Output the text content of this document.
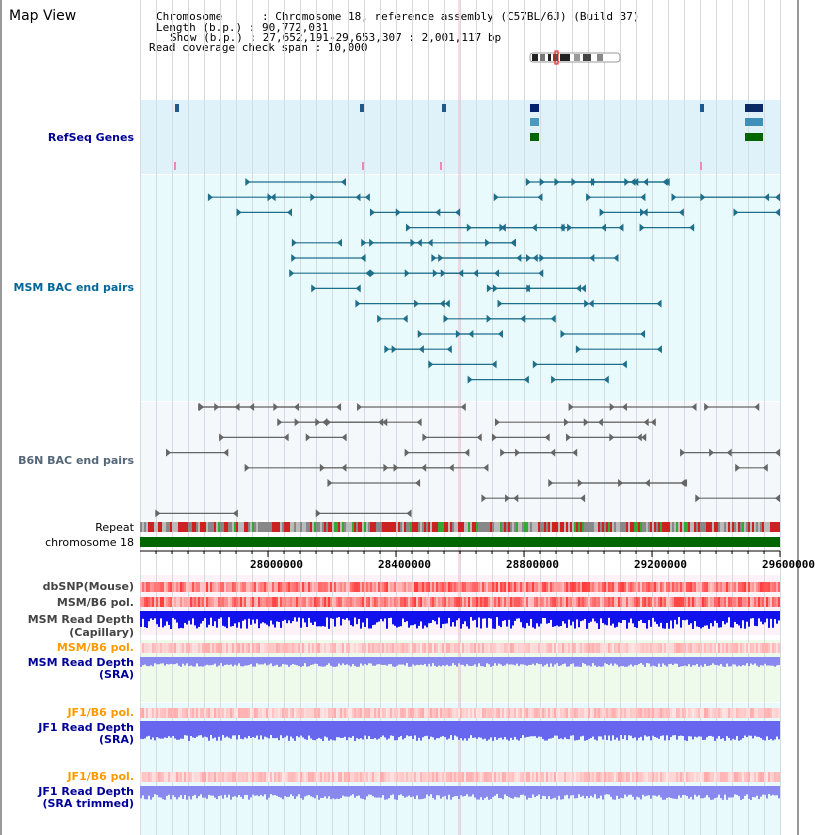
Map View	Chromosome      : Chromosome 18, reference assembly (C57BL/6J) (Build 37)
Length (b.p.) : 90,772,031
Show (b.p.) : 27,652,191-29,653,307 : 2,001,117 bp
Read coverage check span : 10,000
RefSeq Genes
MSM BAC end pairs
B6N BAC end pairs
Repeat
chromosome 18
dbSNP(Mouse)
MSM/B6 pol.
MSM Read Depth
(Capillary)
MSM/B6 pol.
MSM Read Depth
(SRA)
JF1/B6 pol.
JF1 Read Depth
(SRA)
JF1/B6 pol.
JF1 Read Depth
(SRA trimmed)
28000000	28400000	28800000	29200000	29600000
